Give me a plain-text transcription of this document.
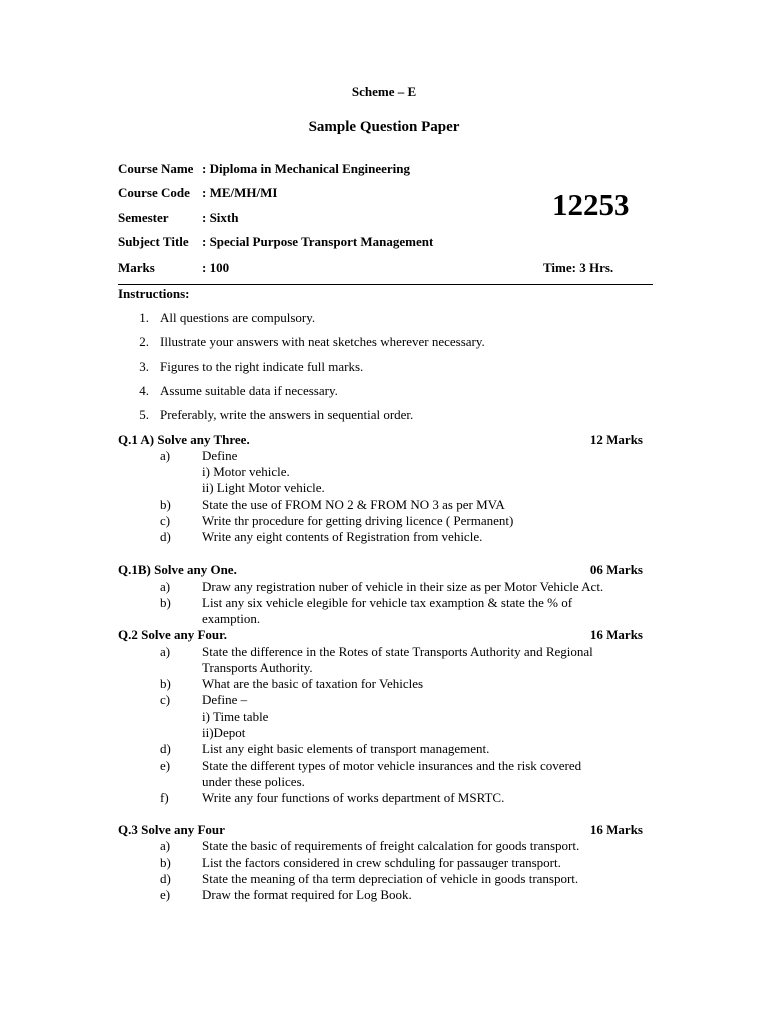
Scheme – E
Sample Question Paper
12253
Course Name : Diploma in Mechanical Engineering
Course Code : ME/MH/MI
Semester	: Sixth
Subject Title : Special Purpose Transport Management
Marks	: 100	Time: 3 Hrs.
Instructions:
1. All questions are compulsory.
2. Illustrate your answers with neat sketches wherever necessary.
3. Figures to the right indicate full marks.
4. Assume suitable data if necessary.
5. Preferably, write the answers in sequential order.
Q.1 A) Solve any Three.	12 Marks
a) Define
i) Motor vehicle.
ii) Light Motor vehicle.
b) State the use of FROM NO 2 & FROM NO 3 as per MVA
c) Write thr procedure for getting driving licence ( Permanent)
d) Write any eight contents of Registration from vehicle.
Q.1B) Solve any One.	06 Marks
a) Draw any registration nuber of vehicle in their size as per Motor Vehicle Act.
b) List any six vehicle elegible for vehicle tax examption & state the % of
examption.
Q.2 Solve any Four.	16 Marks
a) State the difference in the Rotes of state Transports Authority and Regional
Transports Authority.
b) What are the basic of taxation for Vehicles
c) Define –
i) Time table
ii)Depot
d) List any eight basic elements of transport management.
e) State the different types of motor vehicle insurances and the risk covered
under these polices.
f)	Write any four functions of works department of MSRTC.
Q.3 Solve any Four	16 Marks
a) State the basic of requirements of freight calcalation for goods transport.
b) List the factors considered in crew schduling for passauger transport.
d) State the meaning of tha term depreciation of vehicle in goods transport.
e) Draw the format required for Log Book.
